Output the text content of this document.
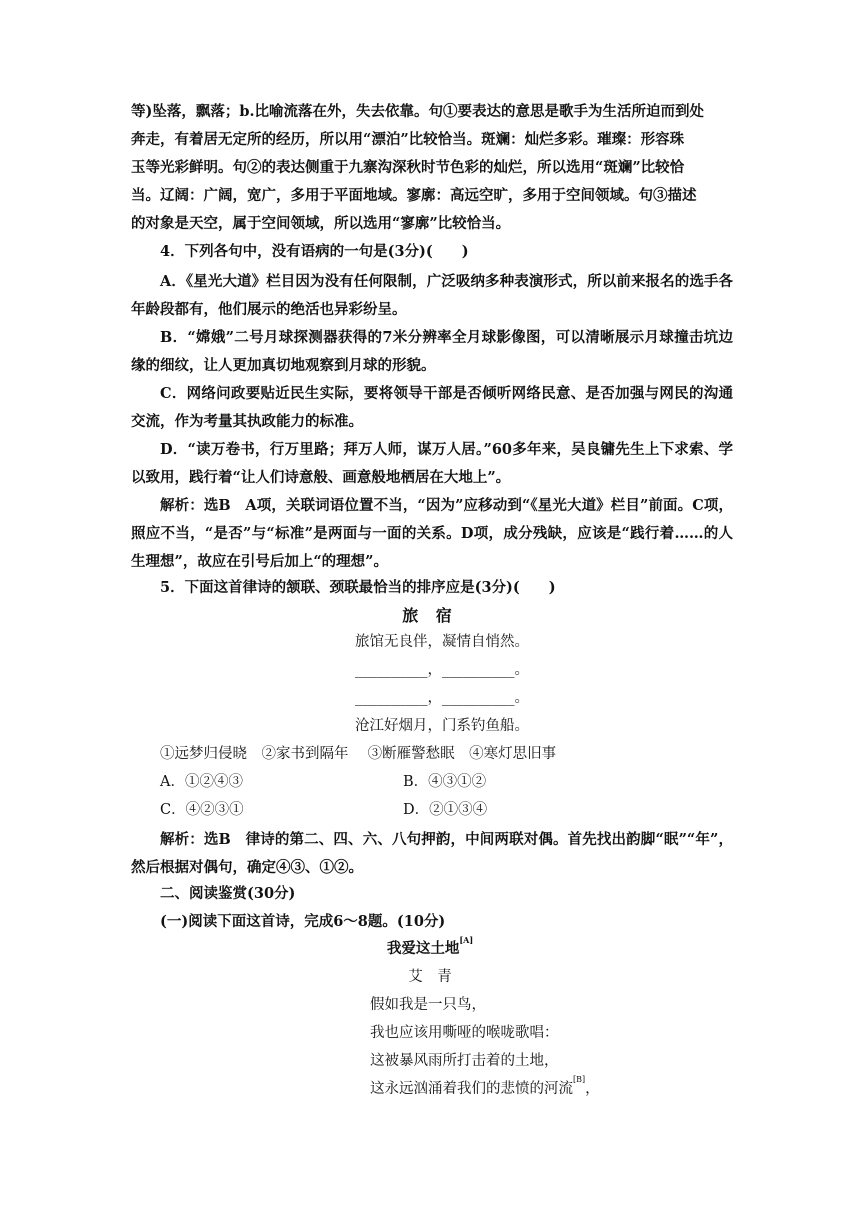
等)坠落，飘落；b.比喻流落在外，失去依靠。句①要表达的意思是歌手为生活所迫而到处
奔走，有着居无定所的经历，所以用“漂泊”比较恰当。斑斓：灿烂多彩。璀璨：形容珠
玉等光彩鲜明。句②的表达侧重于九寨沟深秋时节色彩的灿烂，所以选用“斑斓”比较恰
当。辽阔：广阔，宽广，多用于平面地域。寥廓：高远空旷，多用于空间领域。句③描述
的对象是天空，属于空间领域，所以选用“寥廓”比较恰当。
4．下列各句中，没有语病的一句是(3分)(　　)
A．《星光大道》栏目因为没有任何限制，广泛吸纳多种表演形式，所以前来报名的选手各年龄段都有，他们展示的绝活也异彩纷呈。
B．“嫦娥”二号月球探测器获得的7米分辨率全月球影像图，可以清晰展示月球撞击坑边缘的细纹，让人更加真切地观察到月球的形貌。
C．网络问政要贴近民生实际，要将领导干部是否倾听网络民意、是否加强与网民的沟通交流，作为考量其执政能力的标准。
D．“读万卷书，行万里路；拜万人师，谋万人居。”60多年来，吴良镛先生上下求索、学以致用，践行着“让人们诗意般、画意般地栖居在大地上”。
解析：选B　A项，关联词语位置不当，“因为”应移动到“《星光大道》栏目”前面。C项，照应不当，“是否”与“标准”是两面与一面的关系。D项，成分残缺，应该是“践行着……的人生理想”，故应在引号后加上“的理想”。
5．下面这首律诗的颔联、颈联最恰当的排序应是(3分)(　　)
旅 宿
旅馆无良伴，凝情自悄然。
__________，__________。
__________，__________。
沧江好烟月，门系钓鱼船。
①远梦归侵晓　②家书到隔年　 ③断雁警愁眠　④寒灯思旧事
A．①②④③	B．④③①②
C．④②③①	D．②①③④
解析：选B　律诗的第二、四、六、八句押韵，中间两联对偶。首先找出韵脚“眠”“年”，然后根据对偶句，确定④③、①②。
二、阅读鉴赏(30分)
(一)阅读下面这首诗，完成6～8题。(10分)
我爱这土地[A]
艾　青
假如我是一只鸟，
我也应该用嘶哑的喉咙歌唱：
这被暴风雨所打击着的土地，
这永远汹涌着我们的悲愤的河流[B]，
